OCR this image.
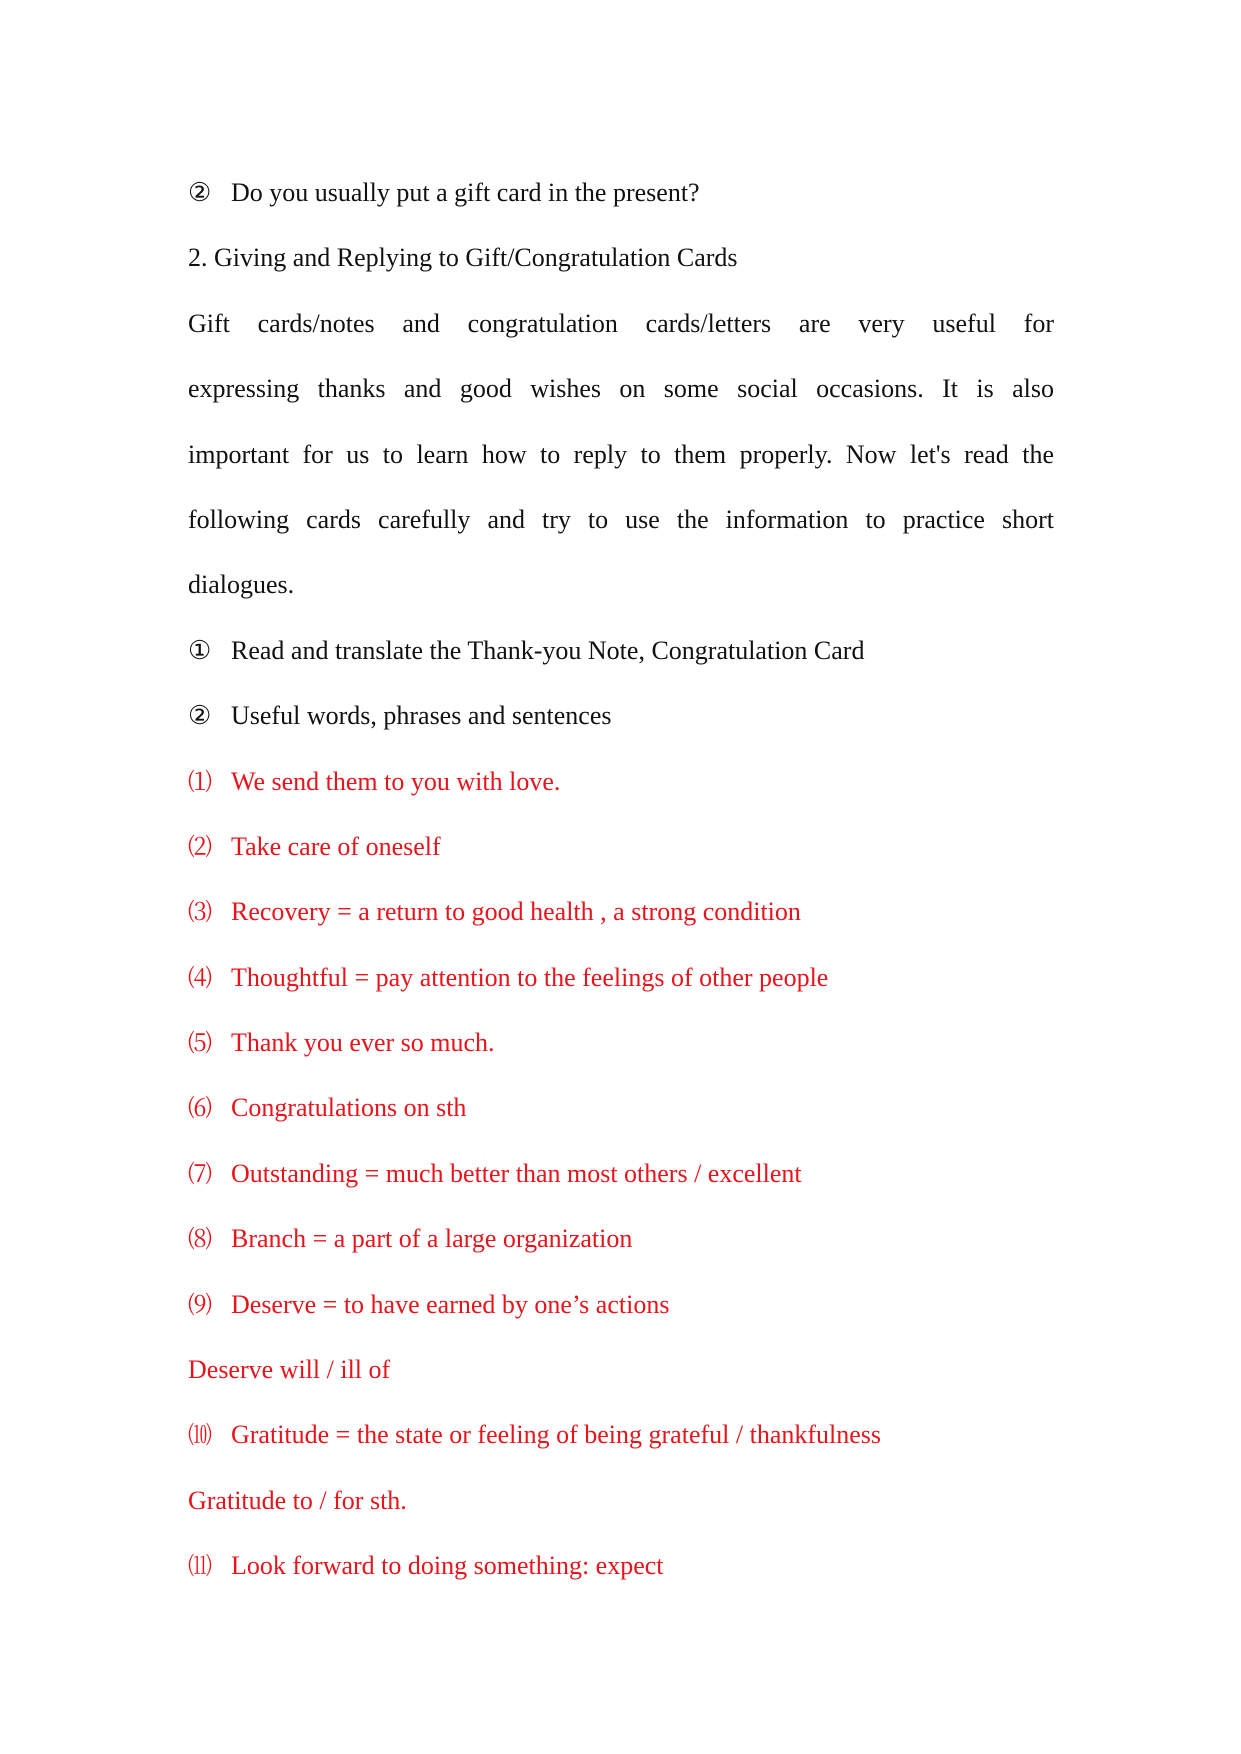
② Do you usually put a gift card in the present?
2. Giving and Replying to Gift/Congratulation Cards
Gift cards/notes and congratulation cards/letters are very useful for
expressing thanks and good wishes on some social occasions. It is also
important for us to learn how to reply to them properly. Now let's read the
following cards carefully and try to use the information to practice short
dialogues.
① Read and translate the Thank-you Note, Congratulation Card
② Useful words, phrases and sentences
⑴ We send them to you with love.
⑵ Take care of oneself
⑶ Recovery = a return to good health , a strong condition
⑷ Thoughtful = pay attention to the feelings of other people
⑸ Thank you ever so much.
⑹ Congratulations on sth
⑺ Outstanding = much better than most others / excellent
⑻ Branch = a part of a large organization
⑼ Deserve = to have earned by one’s actions
Deserve will / ill of
⑽ Gratitude = the state or feeling of being grateful / thankfulness
Gratitude to / for sth.
⑾ Look forward to doing something: expect
